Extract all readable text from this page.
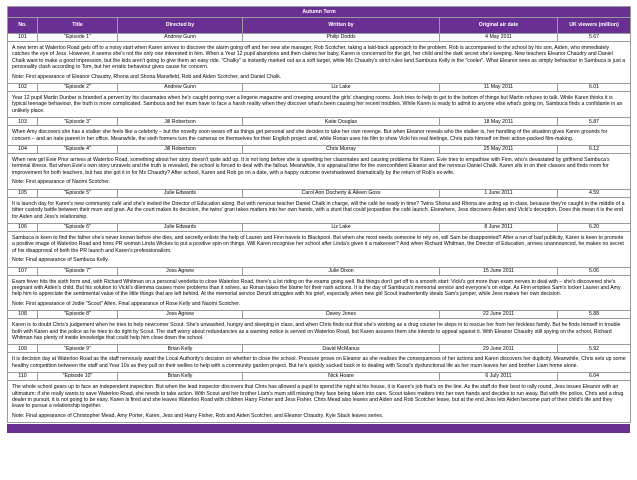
Autumn Term					
No.	Title	Directed by	Written by	Original air date	UK viewers (million)
101	"Episode 1"	Andrew Gunn	Philip Dodds	4 May 2011	5.67

A new term at Waterloo Road gets off to a noisy start when Karen arrives to discover the alarm going off and her new site manager, Rob Scotcher, taking a laid-back approach to the problem. Rob is accompanied to the school by his son, Aiden, who immediately catches the eye of Jess. However, it seems she's not the only one interested in him. When a Year 12 pupil abandons and then claims her baby, Karen is concerned for the girl, her child and the dark secret she's keeping. New teachers Eleanor Chaudry and Daniel Chalk want to make a good impression, but the kids aren't going to give them an easy ride. "Chalky" is instantly marked out as a soft target, while Ms Chaudry's strict rules land Sambuca Kelly in the "cooler". What Eleanor sees as simply behaviour in Sambuca is just a personality clash according to Tom, but her erratic behaviour gives cause for concern.
Note: First appearance of Eleanor Chaudry, Rhona and Shona Mansfield, Rob and Aiden Scotcher, and Daniel Chalk.					

102	"Episode 2"	Andrew Gunn	Liz Lake	11 May 2011	6.01

Year 12 pupil Martin Dunbar is branded a pervert by his classmates when he's caught poring over a lingerie magazine and creeping around the girls' changing rooms. Josh tries to help to get to the bottom of things but Martin refuses to talk. While Karen thinks it is typical teenage behaviour, the truth is more complicated. Sambuca and her mum have to face a harsh reality when they discover what's been causing her recent troubles. While Karen is ready to admit to anyone else what's going on, Sambuca finds a confidante in an unlikely place.					

103	"Episode 3"	Jill Robertson	Katie Douglas	18 May 2011	5.87

When Amy discovers she has a stalker she feels like a celebrity – but the novelty soon wears off as things get personal and she decides to take her own revenge. But when Eleanor reveals who the stalker is, her handling of the situation gives Karen grounds for concern – and an irate parent in her office. Meanwhile, the sixth formers turn the cameras on themselves for their English project and, while Ronan uses his film to show Vicki his real feelings, Chris puts himself on their action-packed film-making.					

104	"Episode 4"	Jill Robertson	Chris Murray	25 May 2011	6.12

When new girl Evie Prior arrives at Waterloo Road, something about her story doesn't quite add up. It is not long before she is upsetting her classmates and causing problems for Karen. Evie tries to empathise with Finn, who's devastated by girlfriend Sambuca's terminal illness. But when Evie's own story unravels and the truth is revealed, the school is forced to deal with the fallout. Meanwhile, it is appraisal time for the overconfident Eleanor and the nervous Daniel Chalk. Karen sits in on their classes and finds room for improvement for both teachers, but has she got it in for Ms Chaudry? After school, Karen and Rob go on a date, with a happy outcome overshadowed dramatically by the return of Rob's ex-wife.
Note: First appearance of Naomi Scotcher.					

105	"Episode 5"	Julie Edwards	Carol Ann Docherty & Aileen Goss	1 June 2011	4.59

It is launch day for Karen's new community café and she's invited the Director of Education along. But with nervous teacher Daniel Chalk in charge, will the café be ready in time? Twins Shona and Rhona are acting up in class, because they're caught in the middle of a bitter custody battle between their mum and gran. As the court makes its decision, the twins' gran takes matters into her own hands, with a stunt that could jeopardise the café launch. Elsewhere, Jess discovers Aiden and Vicki's deception. Does this mean it is the end for Aiden and Jess's relationship.					

106	"Episode 6"	Julie Edwards	Liz Lake	8 June 2011	6.20

Sambuca is keen to find the father she's never known before she dies, and secretly enlists the help of Lauren and Finn travels to Blackpool. But when she most needs someone to rely on, will Sam be disappointed? After a run of bad publicity, Karen is keen to promote a positive image of Waterloo Road and hires PR woman Linda Wickes to put a positive spin on things. Will Karen recognise her school after Linda's given it a makeover? And when Richard Whitman, the Director of Education, arrives unannounced, he makes no secret of his disapproval of both the PR launch and Karen's professionalism.
Note: Final appearance of Sambuca Kelly.					

107	"Episode 7"	Joss Agnew	Julie Dixon	15 June 2011	5.06

Exam fever hits the sixth form and, with Richard Whitman on a personal vendetta to close Waterloo Road, there's a lot riding on the exams going well. But things don't get off to a smooth start: Vicki's got more than exam nerves to deal with – she's discovered she's pregnant with Aiden's child. But his solution to Vicki's dilemma causes more problems than it solves, as Ronan takes the blame for their rash actions. It is the day of Sambuca's memorial service and everyone's on edge. As Finn empties Sam's locker Lauren and Amy help him to appreciate the sentimental value of the little things that are left behind. At the memorial service Denzil struggles with his grief, especially when new girl Scout inadvertently steals Sam's jumper, while Jess makes her own decision.
Note: First appearance of Jodie "Scout" Allen. Final appearance of Rose Kelly and Naomi Scotcher.					

108	"Episode 8"	Joss Agnew	Davey Jones	22 June 2011	5.88

Karen is to doubt Chris's judgement when he tries to help newcomer Scout. She's unwashed, hungry and sleeping in class, and when Chris finds out that she's working as a drug courier he steps in to rescue her from her feckless family. But he finds himself in trouble both with Karen and the police as he tries to do right by Scout. The staff worry about redundancies as a warning notice is served on Waterloo Road, but Karen assures them she intends to appeal against it. With Eleanor Chaudry still spying on the school, Richard Whitman has plenty of inside knowledge that could help him close down the school.					

109	"Episode 9"	Brian Kelly	David McManus	29 June 2011	5.92

It is decision day at Waterloo Road as the staff nervously await the Local Authority's decision on whether to close the school. Pressure grows on Eleanor as she realises the consequences of her actions and Karen discovers her duplicity. Meanwhile, Chris sets up some healthy competition between the staff and Year 10s as they pull on their wellies to help with a community garden project. But he's quickly sucked back in to dealing with Scout's dysfunctional life as her mum leaves her and brother Liam home alone.					

110	"Episode 10"	Brian Kelly	Nick Hoare	6 July 2011	6.04

The whole school gears up to face an independent inspection. But when the lead inspector discovers that Chris has allowed a pupil to spend the night at his house, it is Karen's job that's on the line. As the staff do their best to rally round, Jess issues Eleanor with an ultimatum: if she really wants to save Waterloo Road, she needs to take action. With Scout and her brother Liam's mum still missing they face being taken into care. Scout takes matters into her own hands and decides to run away. But with the police, Chris and a drug dealer in pursuit, it is not going to be easy. Karen is fired and she leaves Waterloo Road with children Harry Fisher and Jess Fisher. Chris Mead also leaves and Aiden and Rob Scotcher leave, but at the end Jess lets Aiden become part of their child's life and they leave to pursue a relationship together.
Note: Final appearance of Christopher Mead, Amy Porter, Karen, Jess and Harry Fisher, Rob and Aiden Scotcher, and Eleanor Chaudry. Kyle Stack leaves series.					
